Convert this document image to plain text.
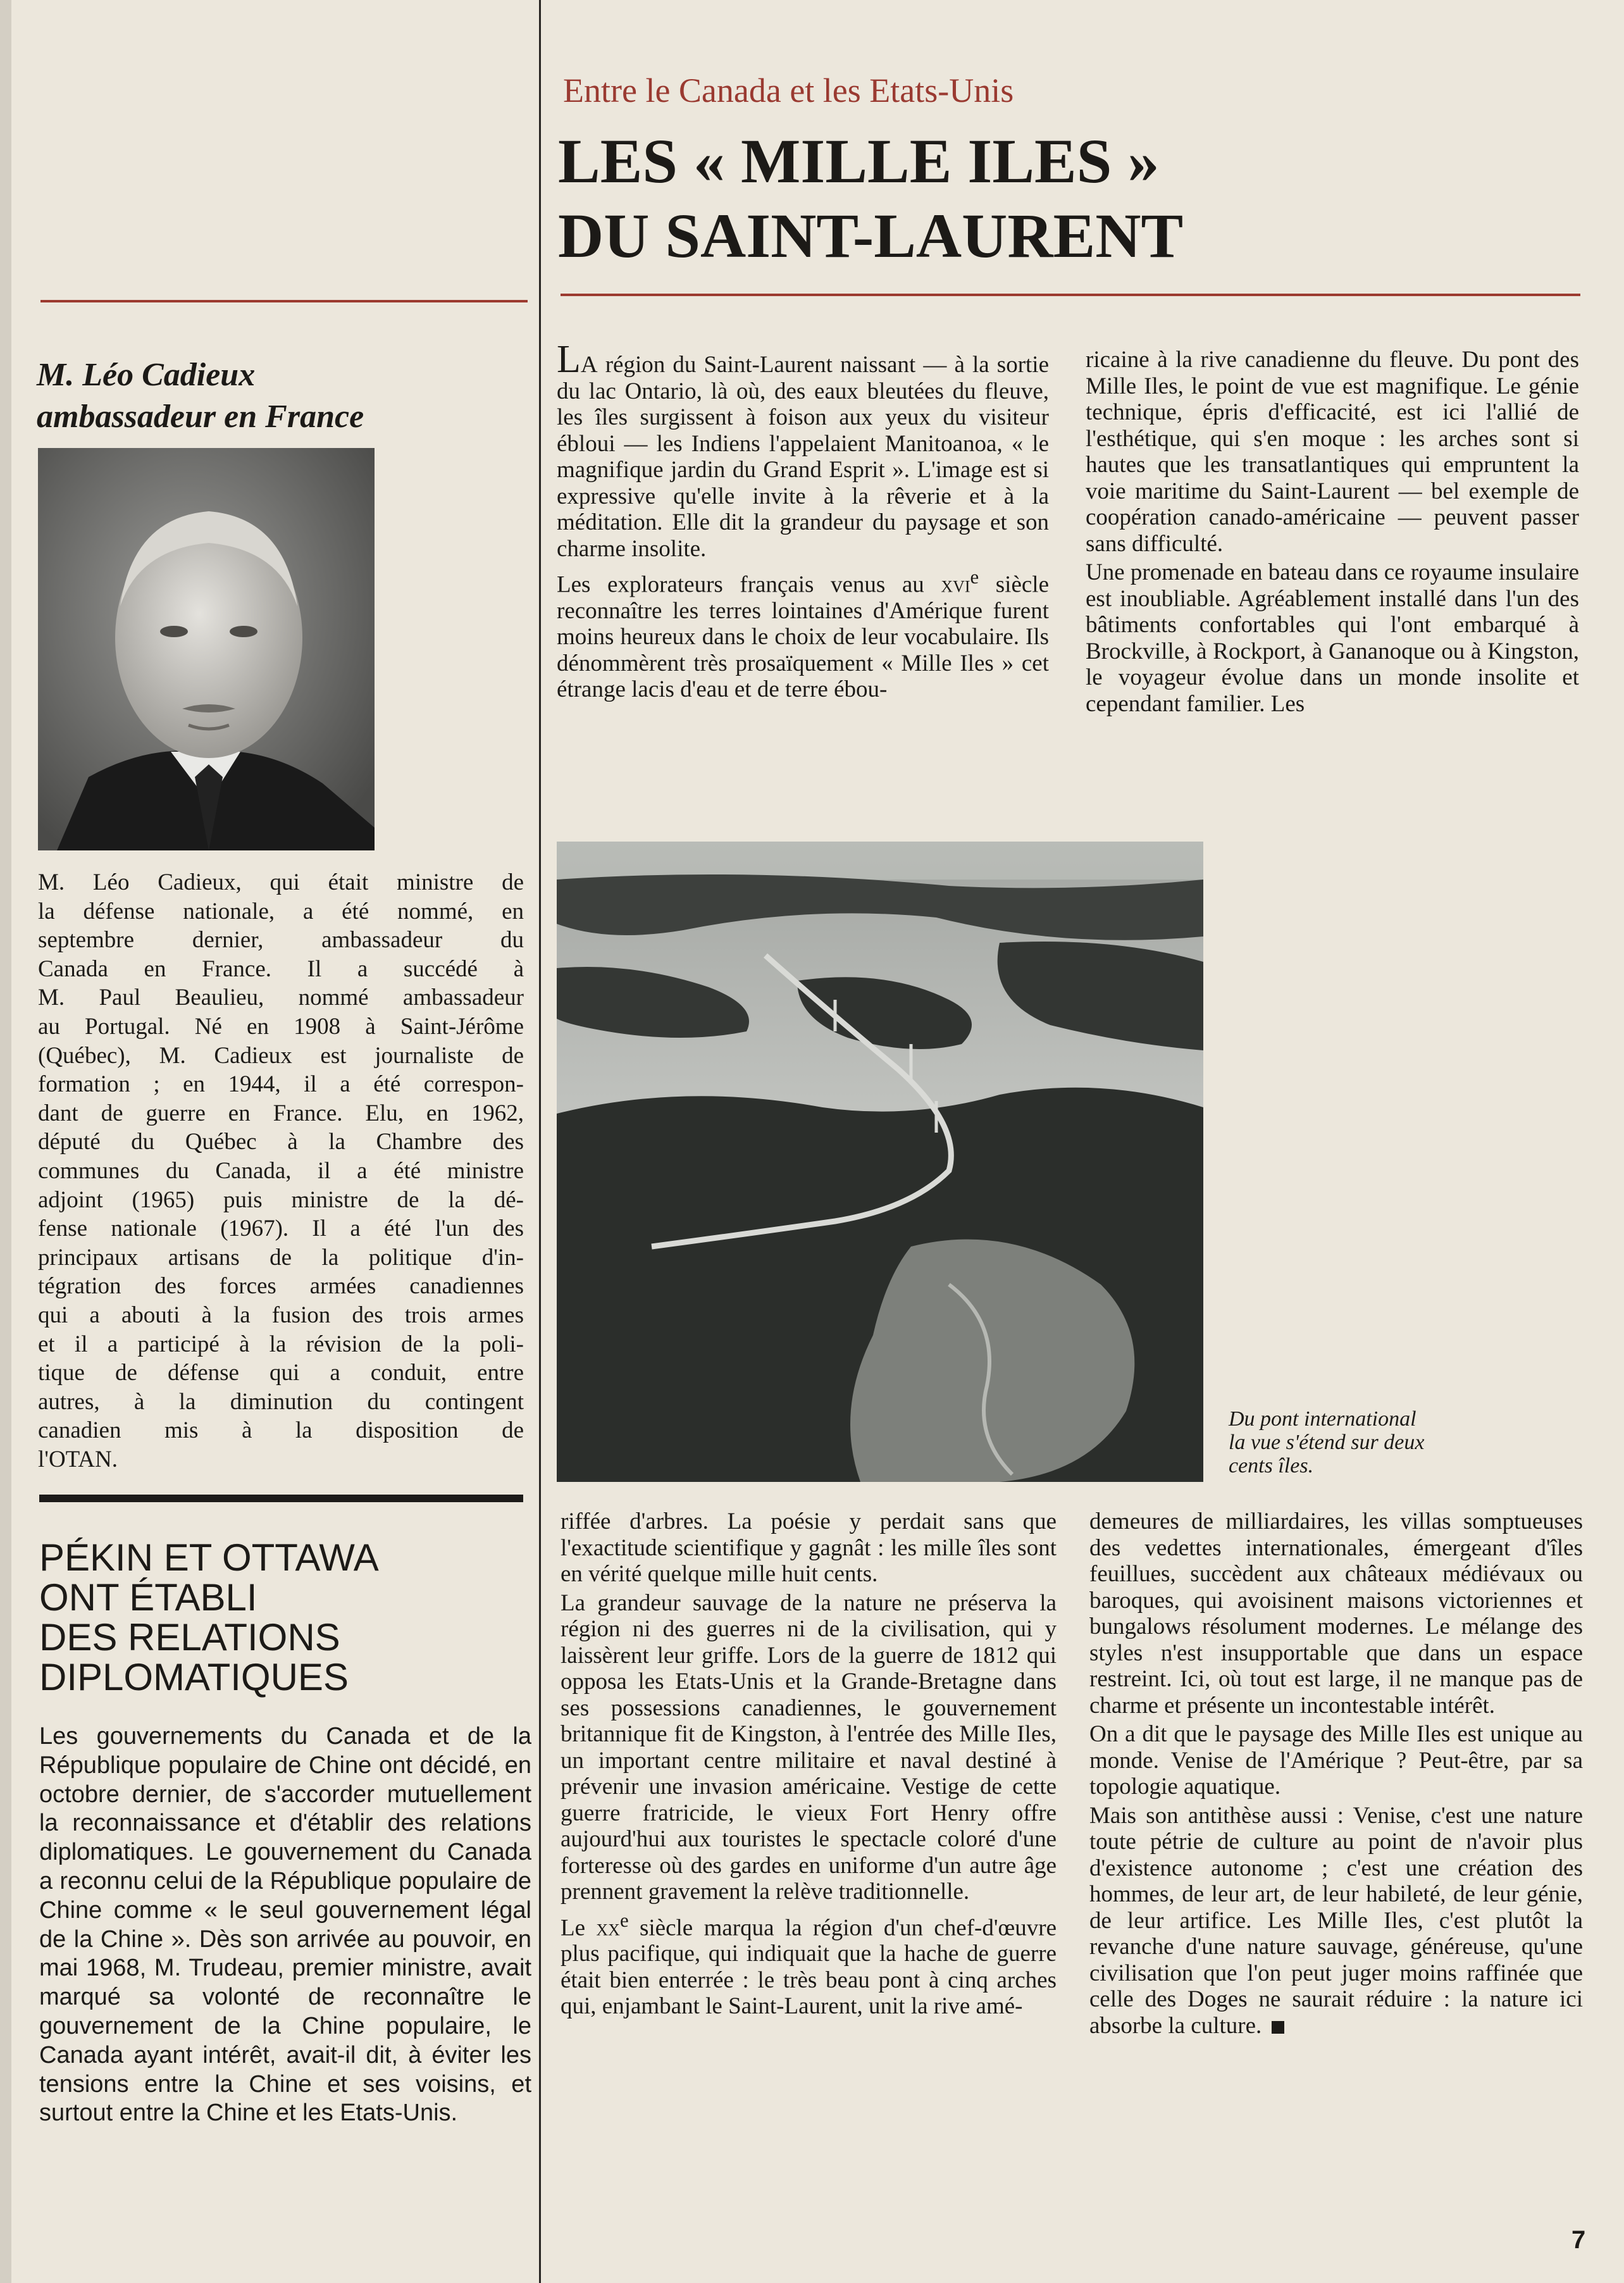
Entre le Canada et les Etats-Unis
LES « MILLE ILES »
DU SAINT-LAURENT
M. Léo Cadieux
ambassadeur en France
M. Léo Cadieux, qui était ministre de
la défense nationale, a été nommé, en
septembre dernier, ambassadeur du
Canada en France. Il a succédé à
M. Paul Beaulieu, nommé ambassadeur
au Portugal. Né en 1908 à Saint-Jérôme
(Québec), M. Cadieux est journaliste de
formation ; en 1944, il a été correspon-
dant de guerre en France. Elu, en 1962,
député du Québec à la Chambre des
communes du Canada, il a été ministre
adjoint (1965) puis ministre de la dé-
fense nationale (1967). Il a été l'un des
principaux artisans de la politique d'in-
tégration des forces armées canadiennes
qui a abouti à la fusion des trois armes
et il a participé à la révision de la poli-
tique de défense qui a conduit, entre
autres, à la diminution du contingent
canadien mis à la disposition de
l'OTAN.
PÉKIN ET OTTAWA
ONT ÉTABLI
DES RELATIONS
DIPLOMATIQUES
Les gouvernements du Canada et de la République populaire de Chine ont décidé, en octobre dernier, de s'accorder mutuellement la reconnaissance et d'établir des relations diplomatiques. Le gouvernement du Canada a reconnu celui de la République populaire de Chine comme « le seul gouvernement légal de la Chine ». Dès son arrivée au pouvoir, en mai 1968, M. Trudeau, premier ministre, avait marqué sa volonté de reconnaître le gouvernement de la Chine populaire, le Canada ayant intérêt, avait-il dit, à éviter les tensions entre la Chine et ses voisins, et surtout entre la Chine et les Etats-Unis.

LA région du Saint-Laurent naissant — à la sortie du lac Ontario, là où, des eaux bleutées du fleuve, les îles surgissent à foison aux yeux du visiteur ébloui — les Indiens l'appelaient Manitoanoa, « le magnifique jardin du Grand Esprit ». L'image est si expressive qu'elle invite à la rêverie et à la méditation. Elle dit la grandeur du paysage et son charme insolite.

Les explorateurs français venus au xvi$^e$ siècle reconnaître les terres lointaines d'Amérique furent moins heureux dans le choix de leur vocabulaire. Ils dénommèrent très prosaïquement « Mille Iles » cet étrange lacis d'eau et de terre ébou-

ricaine à la rive canadienne du fleuve. Du pont des Mille Iles, le point de vue est magnifique. Le génie technique, épris d'efficacité, est ici l'allié de l'esthétique, qui s'en moque : les arches sont si hautes que les transatlantiques qui empruntent la voie maritime du Saint-Laurent — bel exemple de coopération canado-américaine — peuvent passer sans difficulté.

Une promenade en bateau dans ce royaume insulaire est inoubliable. Agréablement installé dans l'un des bâtiments confortables qui l'ont embarqué à Brockville, à Rockport, à Gananoque ou à Kingston, le voyageur évolue dans un monde insolite et cependant familier. Les

Du pont international
la vue s'étend sur deux
cents îles.

riffée d'arbres. La poésie y perdait sans que l'exactitude scientifique y gagnât : les mille îles sont en vérité quelque mille huit cents.

La grandeur sauvage de la nature ne préserva la région ni des guerres ni de la civilisation, qui y laissèrent leur griffe. Lors de la guerre de 1812 qui opposa les Etats-Unis et la Grande-Bretagne dans ses possessions canadiennes, le gouvernement britannique fit de Kingston, à l'entrée des Mille Iles, un important centre militaire et naval destiné à prévenir une invasion américaine. Vestige de cette guerre fratricide, le vieux Fort Henry offre aujourd'hui aux touristes le spectacle coloré d'une forteresse où des gardes en uniforme d'un autre âge prennent gravement la relève traditionnelle.

Le $xx^e$ siècle marqua la région d'un chef-d'œuvre plus pacifique, qui indiquait que la hache de guerre était bien enterrée : le très beau pont à cinq arches qui, enjambant le Saint-Laurent, unit la rive amé-

demeures de milliardaires, les villas somptueuses des vedettes internationales, émergeant d'îles feuillues, succèdent aux châteaux médiévaux ou baroques, qui avoisinent maisons victoriennes et bungalows résolument modernes. Le mélange des styles n'est insupportable que dans un espace restreint. Ici, où tout est large, il ne manque pas de charme et présente un incontestable intérêt.

On a dit que le paysage des Mille Iles est unique au monde. Venise de l'Amérique ? Peut-être, par sa topologie aquatique.

Mais son antithèse aussi : Venise, c'est une nature toute pétrie de culture au point de n'avoir plus d'existence autonome ; c'est une création des hommes, de leur art, de leur habileté, de leur génie, de leur artifice. Les Mille Iles, c'est plutôt la revanche d'une nature sauvage, généreuse, qu'une civilisation que l'on peut juger moins raffinée que celle des Doges ne saurait réduire : la nature ici absorbe la culture.

7
